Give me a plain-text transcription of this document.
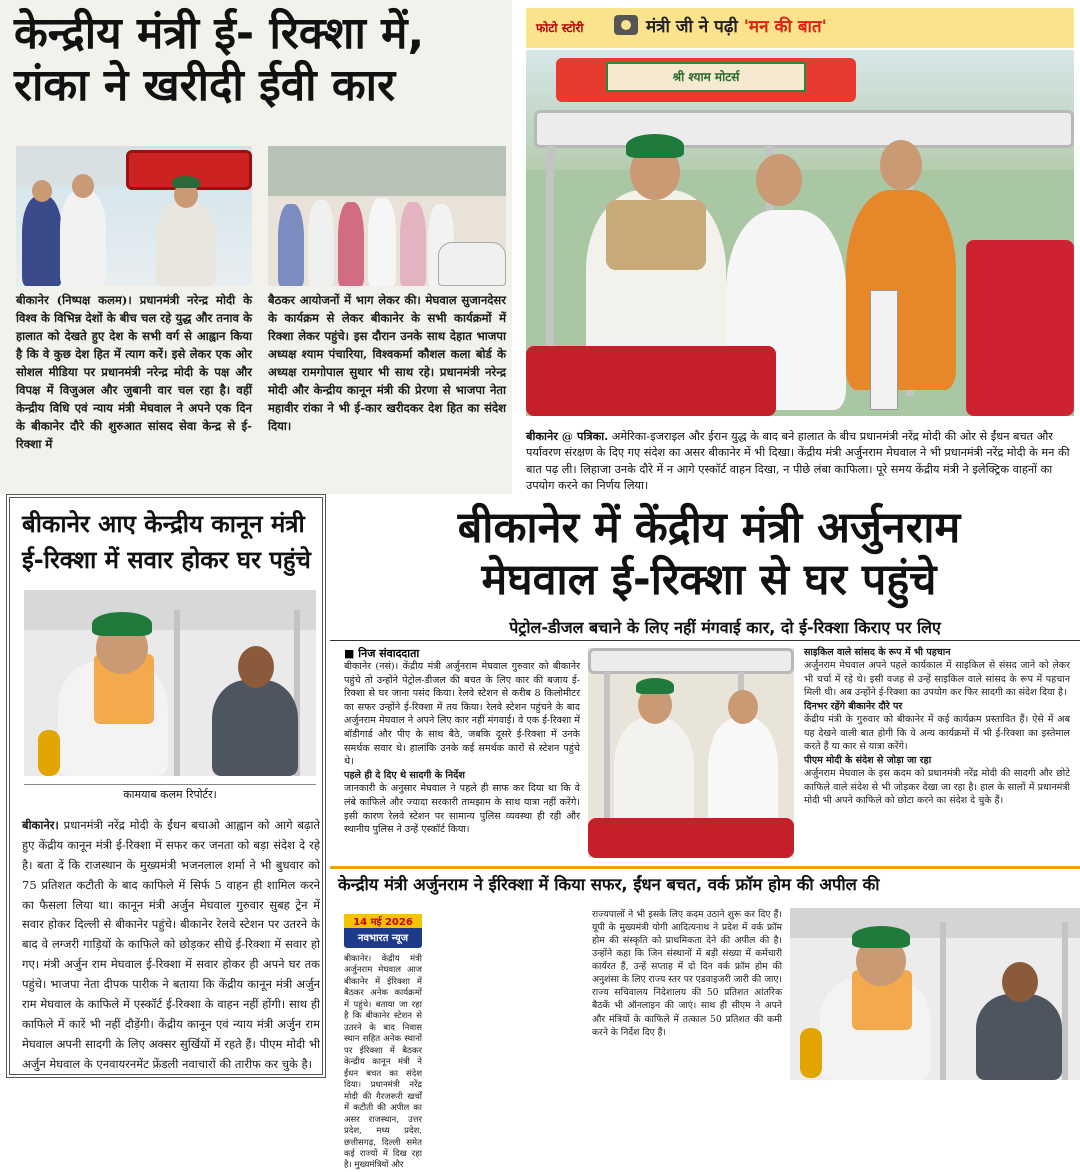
केन्द्रीय मंत्री ई- रिक्शा में, रांका ने खरीदी ईवी कार
बीकानेर (निष्पक्ष कलम)। प्रधानमंत्री नरेन्द्र मोदी के विश्व के विभिन्न देशों के बीच चल रहे युद्ध और तनाव के हालात को देखते हुए देश के सभी वर्ग से आह्वान किया है कि वे कुछ देश हित में त्याग करें। इसे लेकर एक ओर सोशल मीडिया पर प्रधानमंत्री नरेन्द्र मोदी के पक्ष और विपक्ष में विजुअल और जुबानी वार चल रहा है। वहीं केन्द्रीय विधि एवं न्याय मंत्री मेघवाल ने अपने एक दिन के बीकानेर दौरे की शुरुआत सांसद सेवा केन्द्र से ई-रिक्शा में
बैठकर आयोजनों में भाग लेकर की। मेघवाल सुजानदेसर के कार्यक्रम से लेकर बीकानेर के सभी कार्यक्रमों में रिक्शा लेकर पहुंचे। इस दौरान उनके साथ देहात भाजपा अध्यक्ष श्याम पंचारिया, विश्वकर्मा कौशल कला बोर्ड के अध्यक्ष रामगोपाल सुथार भी साथ रहे। प्रधानमंत्री नरेन्द्र मोदी और केन्द्रीय कानून मंत्री की प्रेरणा से भाजपा नेता महावीर रांका ने भी ई-कार खरीदकर देश हित का संदेश दिया।
फोटो स्टोरी	मंत्री जी ने पढ़ी 'मन की बात'
श्री श्याम मोटर्स
बीकानेर @ पत्रिका. अमेरिका-इजराइल और ईरान युद्ध के बाद बने हालात के बीच प्रधानमंत्री नरेंद्र मोदी की ओर से ईंधन बचत और पर्यावरण संरक्षण के दिए गए संदेश का असर बीकानेर में भी दिखा। केंद्रीय मंत्री अर्जुनराम मेघवाल ने भी प्रधानमंत्री नरेंद्र मोदी के मन की बात पढ़ ली। लिहाजा उनके दौरे में न आगे एस्कॉर्ट वाहन दिखा, न पीछे लंबा काफिला। पूरे समय केंद्रीय मंत्री ने इलेक्ट्रिक वाहनों का उपयोग करने का निर्णय लिया।
बीकानेर आए केन्द्रीय कानून मंत्री ई-रिक्शा में सवार होकर घर पहुंचे
कामयाब कलम रिपोर्टर।
बीकानेर। प्रधानमंत्री नरेंद्र मोदी के ईंधन बचाओ आह्वान को आगे बढ़ाते हुए केंद्रीय कानून मंत्री ई-रिक्शा में सफर कर जनता को बड़ा संदेश दे रहे है। बता दें कि राजस्थान के मुख्यमंत्री भजनलाल शर्मा ने भी बुधवार को 75 प्रतिशत कटौती के बाद काफिले में सिर्फ 5 वाहन ही शामिल करने का फैसला लिया था। कानून मंत्री अर्जुन मेघवाल गुरुवार सुबह ट्रेन में सवार होकर दिल्ली से बीकानेर पहुंचे। बीकानेर रेलवे स्टेशन पर उतरने के बाद वे लग्जरी गाड़ियों के काफिले को छोड़कर सीधे ई-रिक्शा में सवार हो गए। मंत्री अर्जुन राम मेघवाल ई-रिक्शा में सवार होकर ही अपने घर तक पहुंचे। भाजपा नेता दीपक पारीक ने बताया कि केंद्रीय कानून मंत्री अर्जुन राम मेघवाल के काफिले में एस्कॉर्ट ई-रिक्शा के वाहन नहीं होंगी। साथ ही काफिले में कारें भी नहीं दौड़ेंगी। केंद्रीय कानून एवं न्याय मंत्री अर्जुन राम मेघवाल अपनी सादगी के लिए अक्सर सुर्खियों में रहते हैं। पीएम मोदी भी अर्जुन मेघवाल के एनवायरनमेंट फ्रेंडली नवाचारों की तारीफ कर चुके है।
बीकानेर में केंद्रीय मंत्री अर्जुनराम
मेघवाल ई-रिक्शा से घर पहुंचे
पेट्रोल-डीजल बचाने के लिए नहीं मंगवाई कार, दो ई-रिक्शा किराए पर लिए
■ निज संवाददाता
बीकानेर (नसं)। केंद्रीय मंत्री अर्जुनराम मेघवाल गुरुवार को बीकानेर पहुंचे तो उन्होंने पेट्रोल-डीजल की बचत के लिए कार की बजाय ई-रिक्शा से घर जाना पसंद किया। रेलवे स्टेशन से करीब 8 किलोमीटर का सफर उन्होंने ई-रिक्शा में तय किया। रेलवे स्टेशन पहुंचने के बाद अर्जुनराम मेघवाल ने अपने लिए कार नहीं मंगवाई। वे एक ई-रिक्शा में बॉडीगार्ड और पीए के साथ बैठे, जबकि दूसरे ई-रिक्शा में उनके समर्थक सवार थे। हालांकि उनके कई समर्थक कारों से स्टेशन पहुंचे थे।
पहले ही दे दिए थे सादगी के निर्देश
जानकारी के अनुसार मेघवाल ने पहले ही साफ कर दिया था कि वे लंबे काफिले और ज्यादा सरकारी तामझाम के साथ यात्रा नहीं करेंगे। इसी कारण रेलवे स्टेशन पर सामान्य पुलिस व्यवस्था ही रही और स्थानीय पुलिस ने उन्हें एस्कॉर्ट किया।
साइकिल वाले सांसद के रूप में भी पहचान
अर्जुनराम मेघवाल अपने पहले कार्यकाल में साइकिल से संसद जाने को लेकर भी चर्चा में रहे थे। इसी वजह से उन्हें साइकिल वाले सांसद के रूप में पहचान मिली थी। अब उन्होंने ई-रिक्शा का उपयोग कर फिर सादगी का संदेश दिया है।
दिनभर रहेंगे बीकानेर दौरे पर
केंद्रीय मंत्री के गुरुवार को बीकानेर में कई कार्यक्रम प्रस्तावित हैं। ऐसे में अब यह देखने वाली बात होगी कि वे अन्य कार्यक्रमों में भी ई-रिक्शा का इस्तेमाल करते हैं या कार से यात्रा करेंगे।
पीएम मोदी के संदेश से जोड़ा जा रहा
अर्जुनराम मेघवाल के इस कदम को प्रधानमंत्री नरेंद्र मोदी की सादगी और छोटे काफिले वाले संदेश से भी जोड़कर देखा जा रहा है। हाल के सालों में प्रधानमंत्री मोदी भी अपने काफिले को छोटा करने का संदेश दे चुके हैं।
केन्द्रीय मंत्री अर्जुनराम ने ईरिक्शा में किया सफर, ईंधन बचत, वर्क फ्रॉम होम की अपील की
14 मई 2026
नवभारत न्यूज
बीकानेर। केंद्रीय मंत्री अर्जुनराम मेघवाल आज बीकानेर में ईरिक्शा में बैठकर अनेक कार्यक्रमों में पहुंचे। बताया जा रहा है कि बीकानेर स्टेशन से उतरने के बाद निवास स्थान सहित अनेक स्थानों पर ईरिक्शा में बैठकर केन्द्रीय कानून मंत्री ने ईंधन बचत का संदेश दिया। प्रधानमंत्री नरेंद्र मोदी की गैरजरूरी खर्चों में कटौती की अपील का असर राजस्थान, उत्तर प्रदेश, मध्य प्रदेश, छत्तीसगढ़, दिल्ली समेत कई राज्यों में दिख रहा है। मुख्यमंत्रियों और
राज्यपालों ने भी इसके लिए कदम उठाने शुरू कर दिए हैं। यूपी के मुख्यमंत्री योगी आदित्यनाथ ने प्रदेश में वर्क फ्रॉम होम की संस्कृति को प्राथमिकता देने की अपील की है। उन्होंने कहा कि जिन संस्थानों में बड़ी संख्या में कर्मचारी कार्यरत हैं, उन्हें सप्ताह में दो दिन वर्क फ्रॉम होम की अनुशंसा के लिए राज्य स्तर पर एडवाइजरी जारी की जाए। राज्य सचिवालय निदेशालय की 50 प्रतिशत आंतरिक बैठकें भी ऑनलाइन की जाएं। साथ ही सीएम ने अपने और मंत्रियों के काफिले में तत्काल 50 प्रतिशत की कमी करने के निर्देश दिए हैं।
